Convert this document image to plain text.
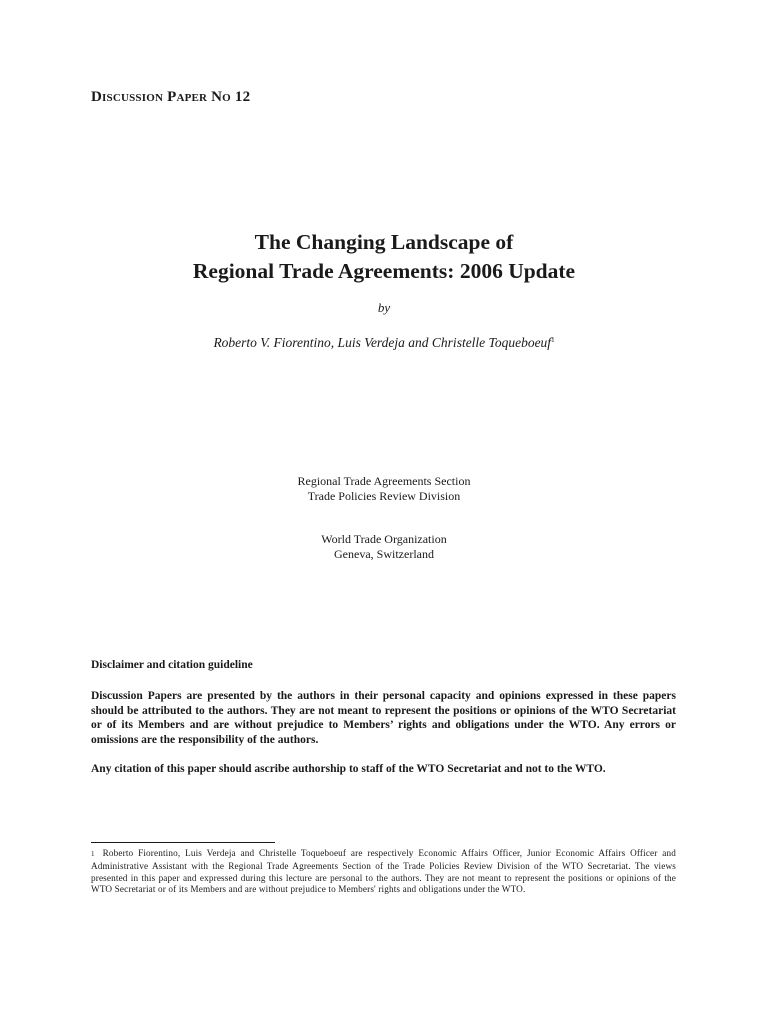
Discussion Paper No 12
The Changing Landscape of
Regional Trade Agreements: 2006 Update
by
Roberto V. Fiorentino, Luis Verdeja and Christelle Toqueboeuf$^1$
Regional Trade Agreements Section
Trade Policies Review Division
World Trade Organization
Geneva, Switzerland
Disclaimer and citation guideline
Discussion Papers are presented by the authors in their personal capacity and opinions expressed in these papers should be attributed to the authors. They are not meant to represent the positions or opinions of the WTO Secretariat or of its Members and are without prejudice to Members’ rights and obligations under the WTO. Any errors or omissions are the responsibility of the authors.
Any citation of this paper should ascribe authorship to staff of the WTO Secretariat and not to the WTO.
1 Roberto Fiorentino, Luis Verdeja and Christelle Toqueboeuf are respectively Economic Affairs Officer, Junior Economic Affairs Officer and Administrative Assistant with the Regional Trade Agreements Section of the Trade Policies Review Division of the WTO Secretariat. The views presented in this paper and expressed during this lecture are personal to the authors. They are not meant to represent the positions or opinions of the WTO Secretariat or of its Members and are without prejudice to Members' rights and obligations under the WTO.
